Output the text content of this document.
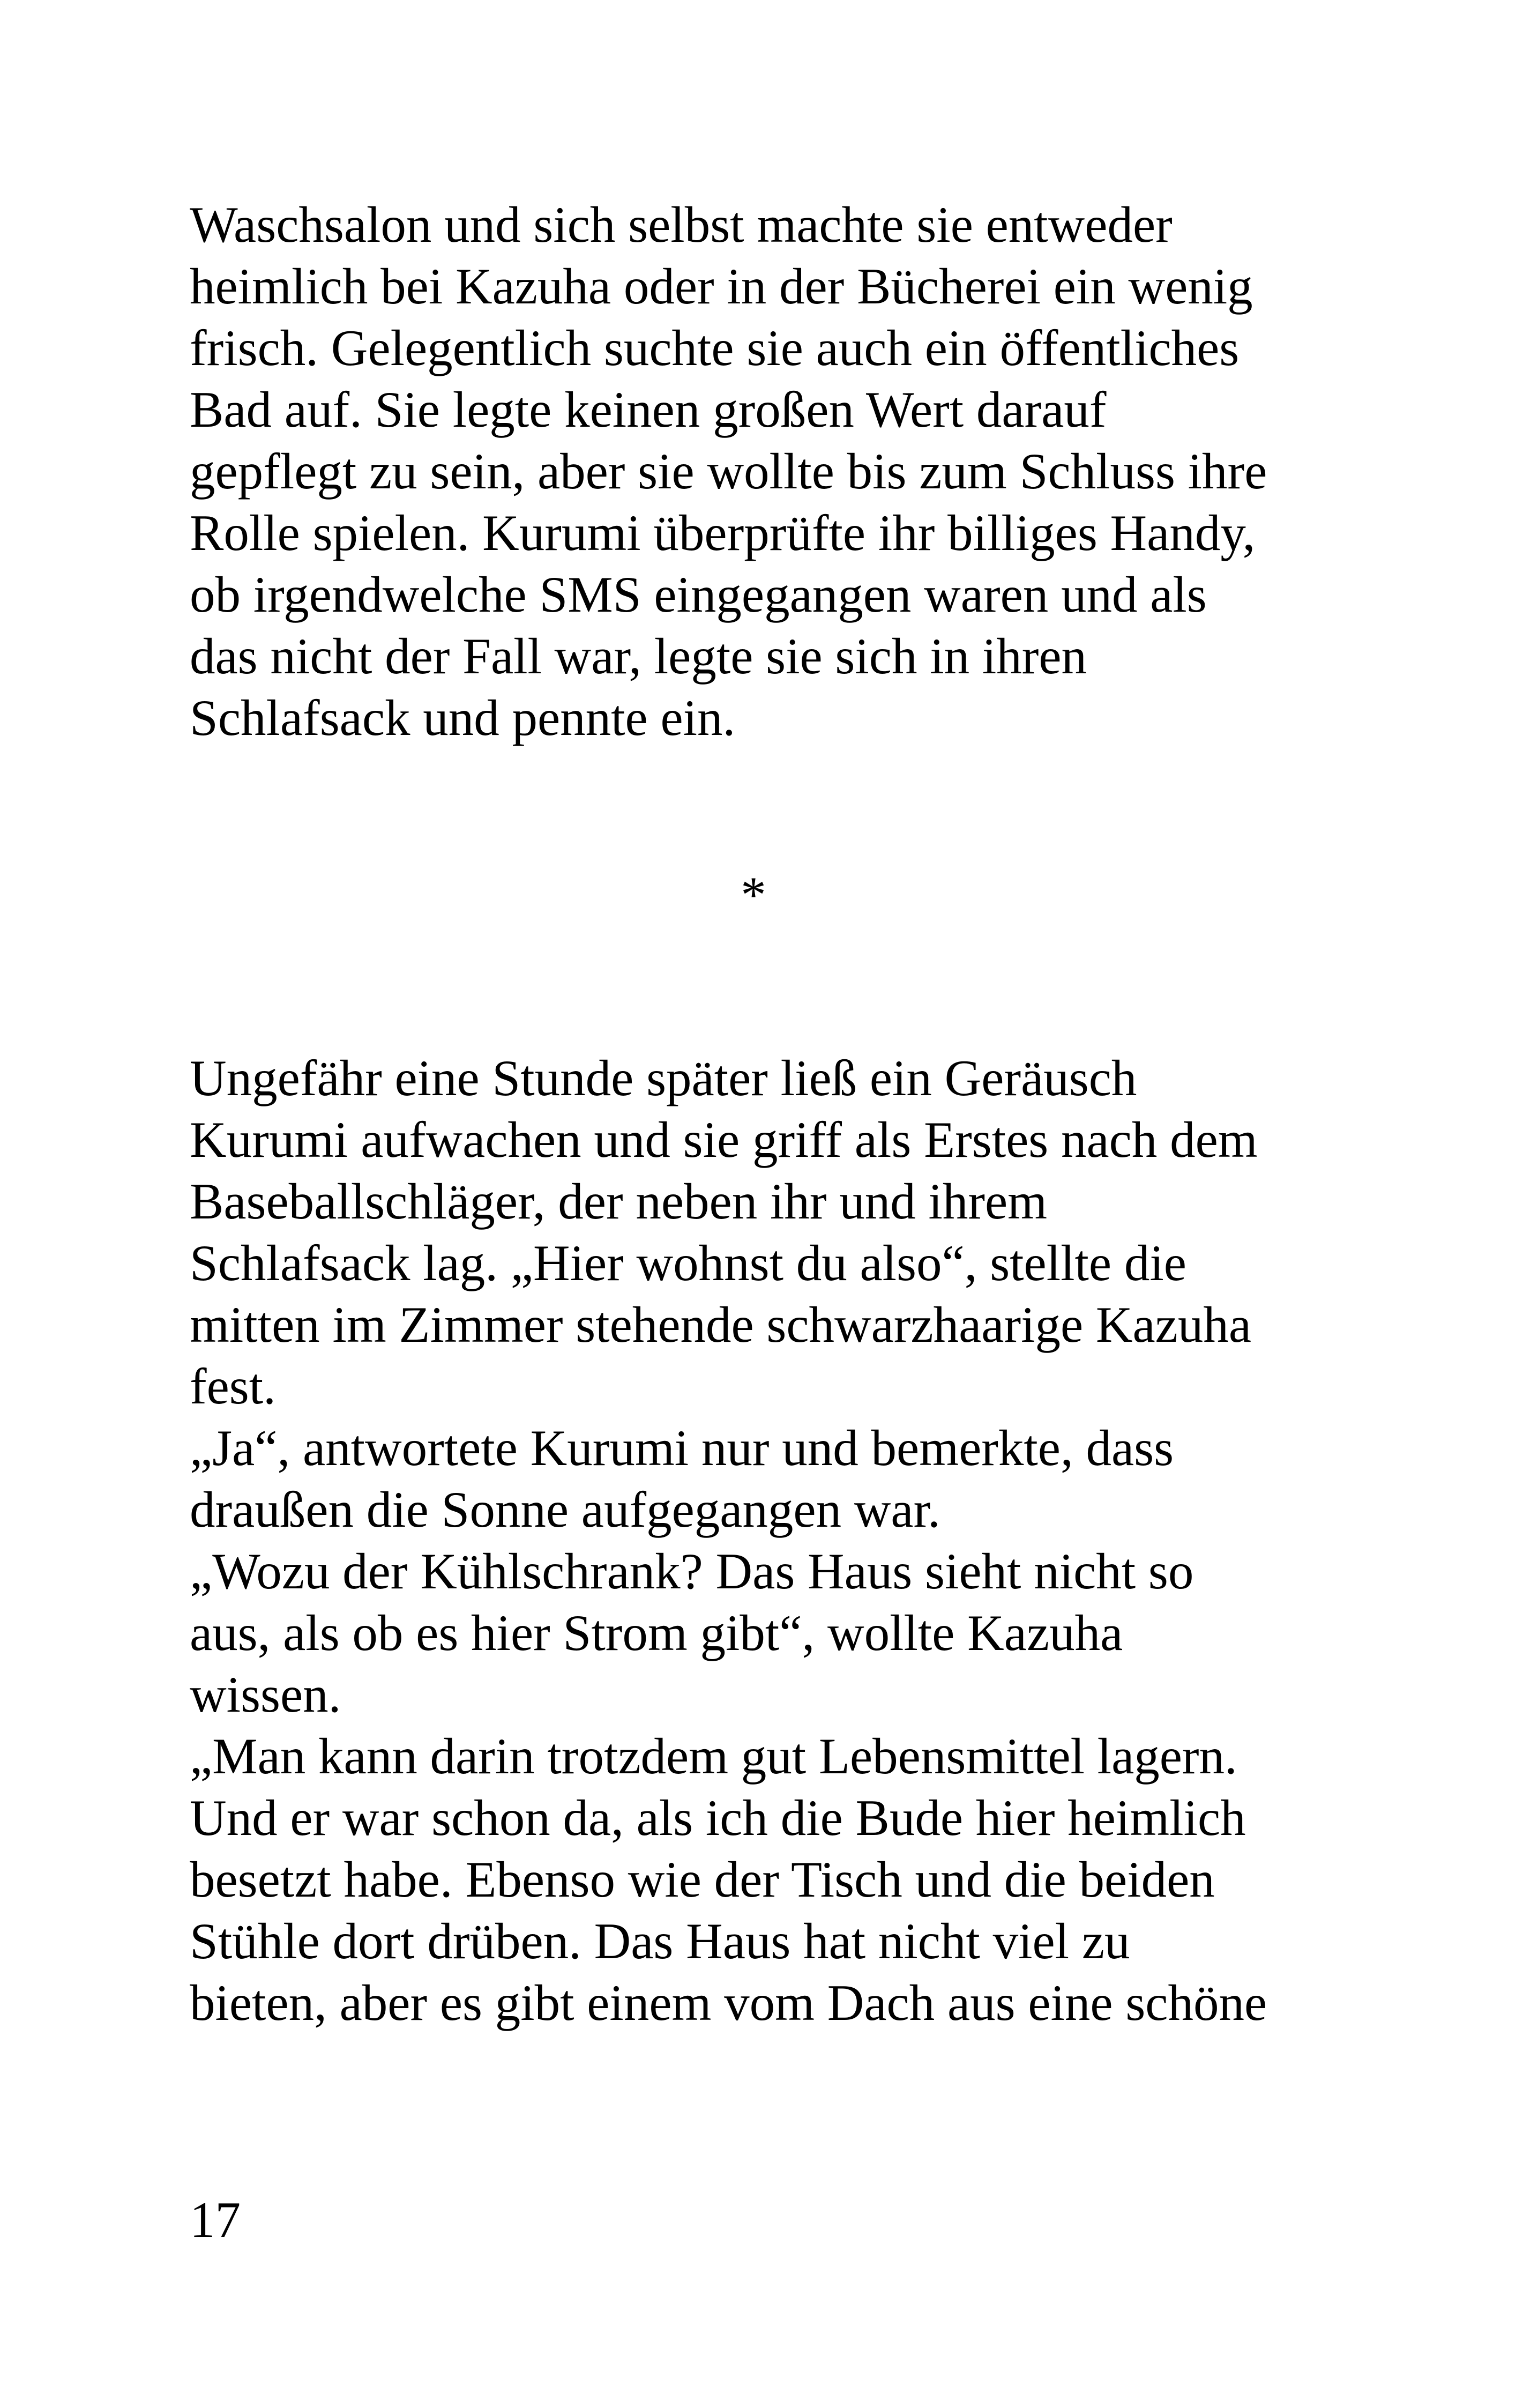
Waschsalon und sich selbst machte sie entweder
heimlich bei Kazuha oder in der Bücherei ein wenig
frisch. Gelegentlich suchte sie auch ein öffentliches
Bad auf. Sie legte keinen großen Wert darauf
gepflegt zu sein, aber sie wollte bis zum Schluss ihre
Rolle spielen. Kurumi überprüfte ihr billiges Handy,
ob irgendwelche SMS eingegangen waren und als
das nicht der Fall war, legte sie sich in ihren
Schlafsack und pennte ein.
*
Ungefähr eine Stunde später ließ ein Geräusch
Kurumi aufwachen und sie griff als Erstes nach dem
Baseballschläger, der neben ihr und ihrem
Schlafsack lag. „Hier wohnst du also“, stellte die
mitten im Zimmer stehende schwarzhaarige Kazuha
fest.
„Ja“, antwortete Kurumi nur und bemerkte, dass
draußen die Sonne aufgegangen war.
„Wozu der Kühlschrank? Das Haus sieht nicht so
aus, als ob es hier Strom gibt“, wollte Kazuha
wissen.
„Man kann darin trotzdem gut Lebensmittel lagern.
Und er war schon da, als ich die Bude hier heimlich
besetzt habe. Ebenso wie der Tisch und die beiden
Stühle dort drüben. Das Haus hat nicht viel zu
bieten, aber es gibt einem vom Dach aus eine schöne
17
